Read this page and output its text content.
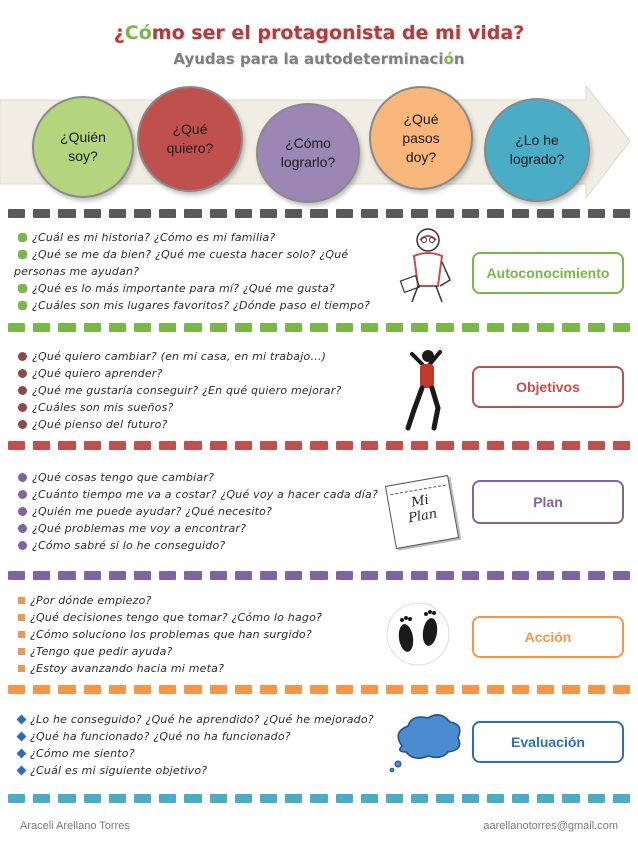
¿Cómo ser el protagonista de mi vida?
Ayudas para la autodeterminación
¿Quién
soy?
¿Qué
quiero?	¿Cómo
lograrlo?
¿Qué
pasos
doy?
¿Lo he
logrado?
¿Cuál es mi historia? ¿Cómo es mi familia?
¿Qué se me da bien? ¿Qué me cuesta hacer solo? ¿Qué
personas me ayudan?
¿Qué es lo más importante para mí? ¿Qué me gusta?
¿Cuáles son mis lugares favoritos? ¿Dónde paso el tiempo?
Autoconocimiento
¿Qué quiero cambiar? (en mi casa, en mi trabajo…)
¿Qué quiero aprender?
¿Qué me gustaría conseguir? ¿En qué quiero mejorar?
¿Cuáles son mis sueños?
¿Qué pienso del futuro?
Objetivos
¿Qué cosas tengo que cambiar?
¿Cuánto tiempo me va a costar? ¿Qué voy a hacer cada día?
¿Quién me puede ayudar? ¿Qué necesito?
¿Qué problemas me voy a encontrar?
¿Cómo sabré si lo he conseguido?
Mi
Plan
Plan
¿Por dónde empiezo?
¿Qué decisiones tengo que tomar? ¿Cómo lo hago?
¿Cómo soluciono los problemas que han surgido?
¿Tengo que pedir ayuda?
¿Estoy avanzando hacia mi meta?
Acción
¿Lo he conseguido? ¿Qué he aprendido? ¿Qué he mejorado?
¿Qué ha funcionado? ¿Qué no ha funcionado?
¿Cómo me siento?
¿Cuál es mi siguiente objetivo?
Evaluación
Araceli Arellano Torres	aarellanotorres@gmail.com
